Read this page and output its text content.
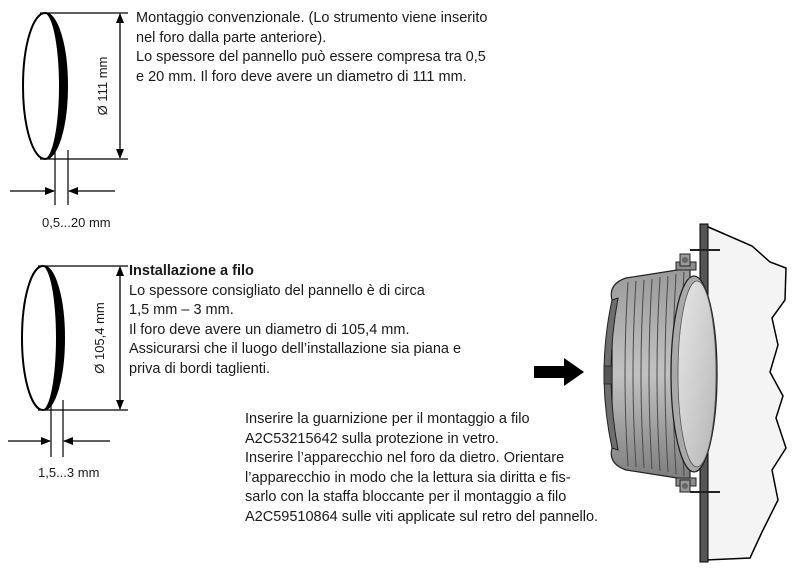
Ø 111 mm
0,5...20 mm
Ø 105,4 mm
1,5...3 mm

Montaggio convenzionale. (Lo strumento viene inserito

nel foro dalla parte anteriore).

Lo spessore del pannello può essere compresa tra 0,5

e 20 mm. Il foro deve avere un diametro di 111 mm.

Installazione a filo

Lo spessore consigliato del pannello è di circa

1,5 mm – 3 mm.

Il foro deve avere un diametro di 105,4 mm.

Assicurarsi che il luogo dell’installazione sia piana e

priva di bordi taglienti.

Inserire la guarnizione per il montaggio a filo

A2C53215642 sulla protezione in vetro.

Inserire l’apparecchio nel foro da dietro. Orientare

l’apparecchio in modo che la lettura sia diritta e fis-

sarlo con la staffa bloccante per il montaggio a filo

A2C59510864 sulle viti applicate sul retro del pannello.
